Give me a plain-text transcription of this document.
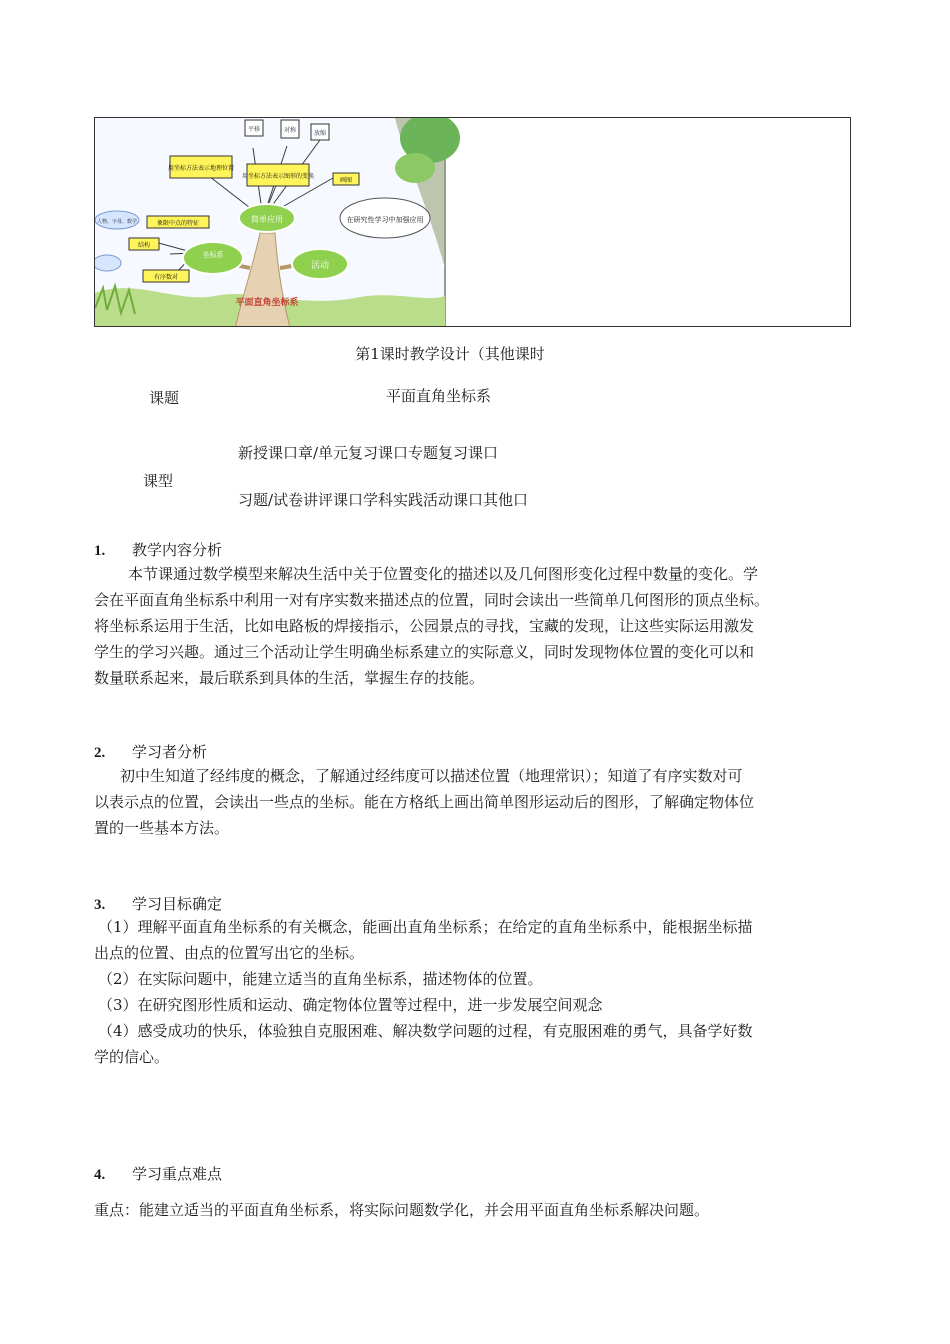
平移	对称	放缩
用坐标方法表示地理位置
用坐标方法表示图形的变换
画图
简单应用	在研究性学习中加强应用
人物、字母、数学	象限中点的特征
结构
有序数对
坐标系
活动
平面直角坐标系
第1课时教学设计（其他课时
课题	平面直角坐标系
课型
新授课口章/单元复习课口专题复习课口
习题/试卷讲评课口学科实践活动课口其他口
1. 教学内容分析
本节课通过数学模型来解决生活中关于位置变化的描述以及几何图形变化过程中数量的变化。学
会在平面直角坐标系中利用一对有序实数来描述点的位置，同时会读出一些简单几何图形的顶点坐标。
将坐标系运用于生活，比如电路板的焊接指示，公园景点的寻找，宝藏的发现，让这些实际运用激发
学生的学习兴趣。通过三个活动让学生明确坐标系建立的实际意义，同时发现物体位置的变化可以和
数量联系起来，最后联系到具体的生活，掌握生存的技能。
2. 学习者分析
初中生知道了经纬度的概念，了解通过经纬度可以描述位置（地理常识）；知道了有序实数对可
以表示点的位置，会读出一些点的坐标。能在方格纸上画出简单图形运动后的图形，了解确定物体位
置的一些基本方法。
3. 学习目标确定
（1）理解平面直角坐标系的有关概念，能画出直角坐标系；在给定的直角坐标系中，能根据坐标描
出点的位置、由点的位置写出它的坐标。
（2）在实际问题中，能建立适当的直角坐标系，描述物体的位置。
（3）在研究图形性质和运动、确定物体位置等过程中，进一步发展空间观念
（4）感受成功的快乐，体验独自克服困难、解决数学问题的过程，有克服困难的勇气，具备学好数
学的信心。
4. 学习重点难点
重点：能建立适当的平面直角坐标系，将实际问题数学化，并会用平面直角坐标系解决问题。
